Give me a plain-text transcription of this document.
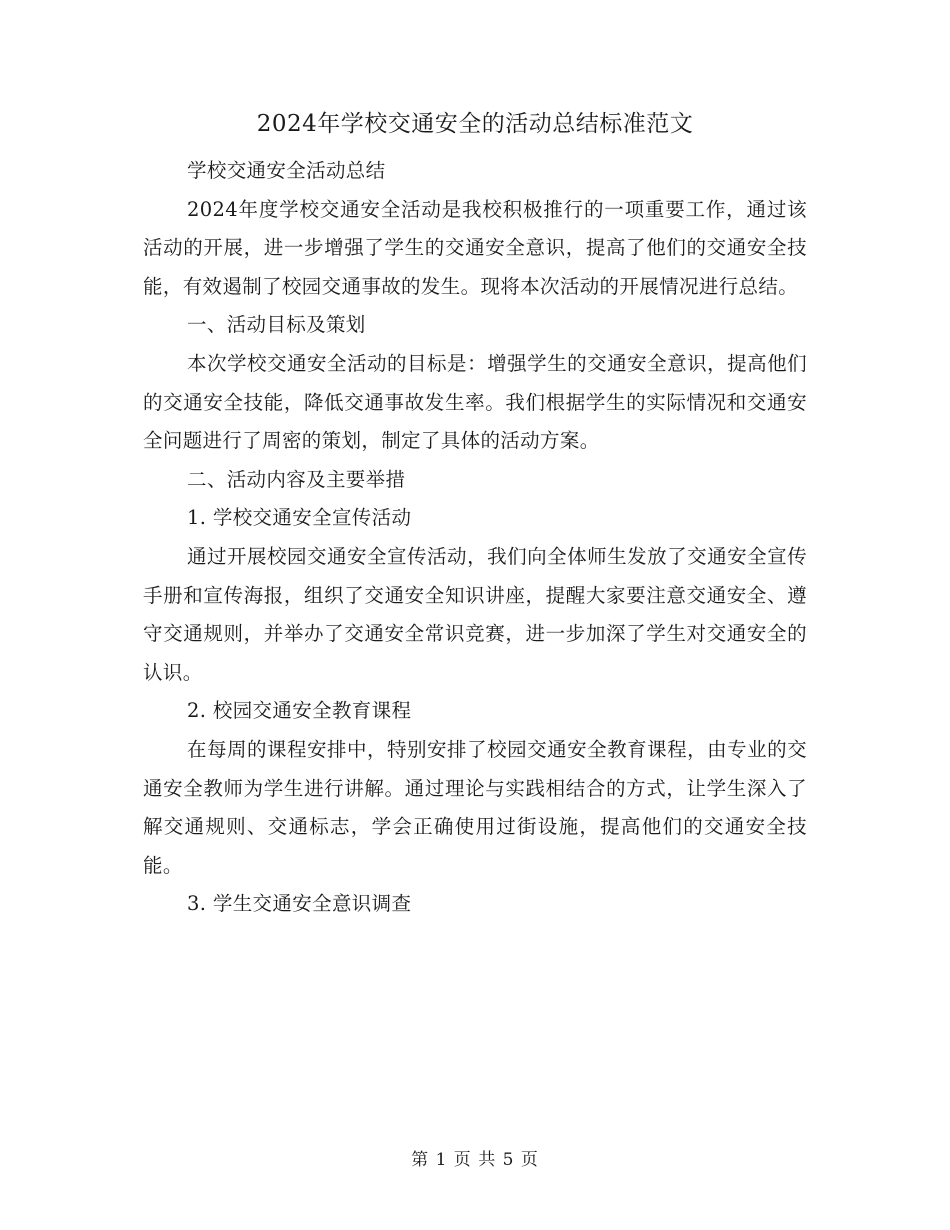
2024年学校交通安全的活动总结标准范文

学校交通安全活动总结

2024年度学校交通安全活动是我校积极推行的一项重要工作，通过该活动的开展，进一步增强了学生的交通安全意识，提高了他们的交通安全技能，有效遏制了校园交通事故的发生。现将本次活动的开展情况进行总结。

一、活动目标及策划

本次学校交通安全活动的目标是：增强学生的交通安全意识，提高他们的交通安全技能，降低交通事故发生率。我们根据学生的实际情况和交通安全问题进行了周密的策划，制定了具体的活动方案。

二、活动内容及主要举措

1. 学校交通安全宣传活动

通过开展校园交通安全宣传活动，我们向全体师生发放了交通安全宣传手册和宣传海报，组织了交通安全知识讲座，提醒大家要注意交通安全、遵守交通规则，并举办了交通安全常识竞赛，进一步加深了学生对交通安全的认识。

2. 校园交通安全教育课程

在每周的课程安排中，特别安排了校园交通安全教育课程，由专业的交通安全教师为学生进行讲解。通过理论与实践相结合的方式，让学生深入了解交通规则、交通标志，学会正确使用过街设施，提高他们的交通安全技能。

3. 学生交通安全意识调查

第 1 页 共 5 页
